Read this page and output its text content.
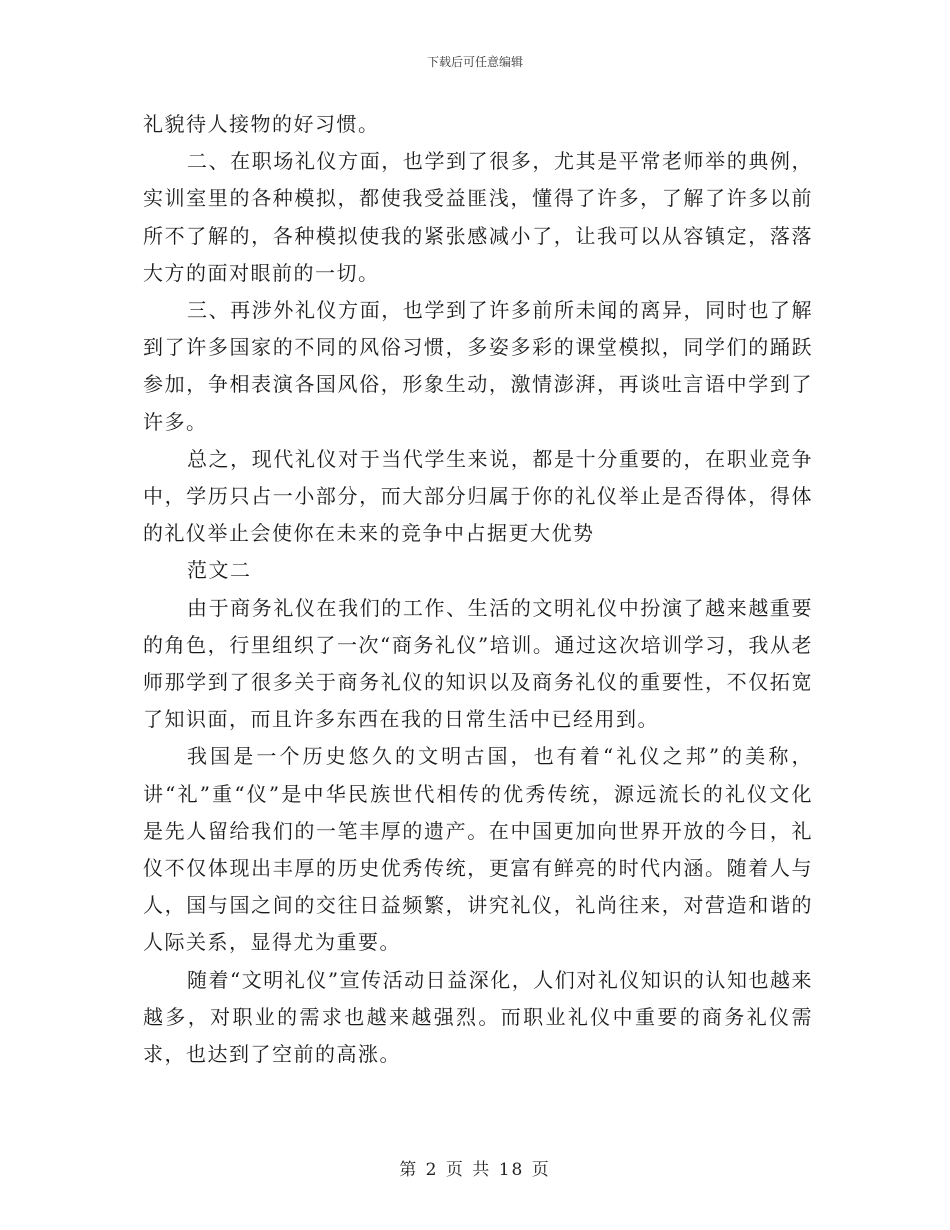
下载后可任意编辑

礼貌待人接物的好习惯。

二、在职场礼仪方面，也学到了很多，尤其是平常老师举的典例，实训室里的各种模拟，都使我受益匪浅，懂得了许多，了解了许多以前所不了解的，各种模拟使我的紧张感减小了，让我可以从容镇定，落落大方的面对眼前的一切。

三、再涉外礼仪方面，也学到了许多前所未闻的离异，同时也了解到了许多国家的不同的风俗习惯，多姿多彩的课堂模拟，同学们的踊跃参加，争相表演各国风俗，形象生动，激情澎湃，再谈吐言语中学到了许多。

总之，现代礼仪对于当代学生来说，都是十分重要的，在职业竞争中，学历只占一小部分，而大部分归属于你的礼仪举止是否得体，得体的礼仪举止会使你在未来的竞争中占据更大优势

范文二

由于商务礼仪在我们的工作、生活的文明礼仪中扮演了越来越重要的角色，行里组织了一次“商务礼仪”培训。通过这次培训学习，我从老师那学到了很多关于商务礼仪的知识以及商务礼仪的重要性，不仅拓宽了知识面，而且许多东西在我的日常生活中已经用到。

我国是一个历史悠久的文明古国，也有着“礼仪之邦”的美称，讲“礼”重“仪”是中华民族世代相传的优秀传统，源远流长的礼仪文化是先人留给我们的一笔丰厚的遗产。在中国更加向世界开放的今日，礼仪不仅体现出丰厚的历史优秀传统，更富有鲜亮的时代内涵。随着人与人，国与国之间的交往日益频繁，讲究礼仪，礼尚往来，对营造和谐的人际关系，显得尤为重要。

随着“文明礼仪”宣传活动日益深化，人们对礼仪知识的认知也越来越多，对职业的需求也越来越强烈。而职业礼仪中重要的商务礼仪需求，也达到了空前的高涨。

第 2 页 共 18 页
